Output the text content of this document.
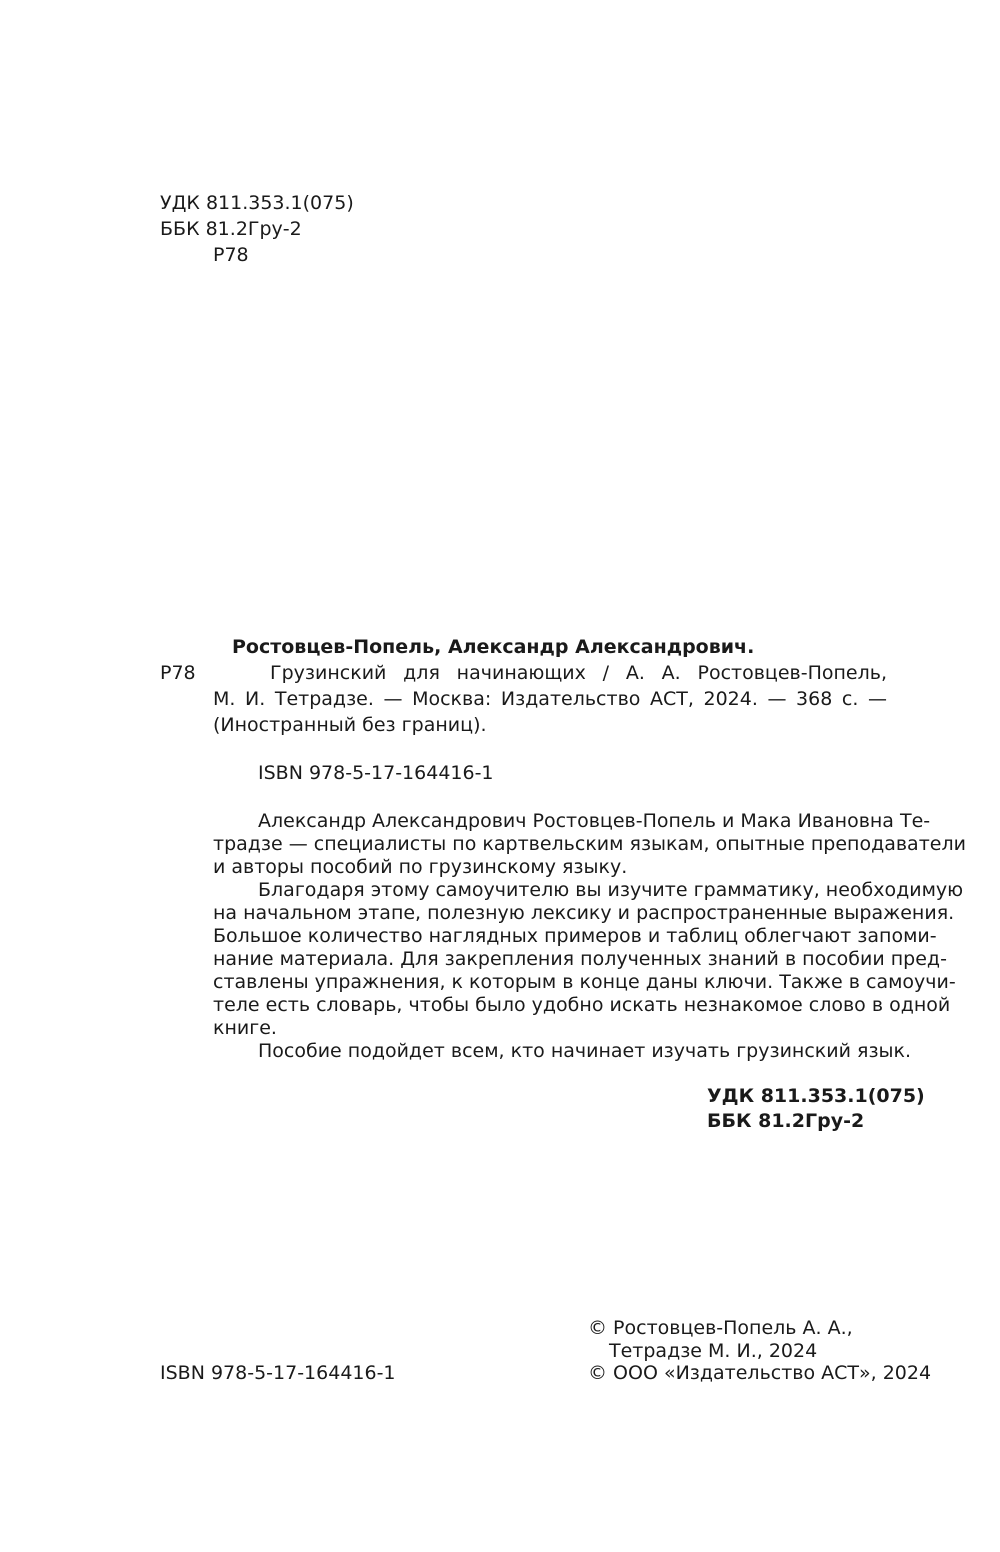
УДК 811.353.1(075)

ББК 81.2Гру-2

Р78

Ростовцев-Попель, Александр Александрович.

Р78	Грузинский для начинающих / А. А. Ростовцев-Попель,
М. И. Тетрадзе. — Москва: Издательство АСТ, 2024. — 368 с. —
(Иностранный без границ).

ISBN 978-5-17-164416-1

Александр Александрович Ростовцев-Попель и Мака Ивановна Те-
традзе — специалисты по картвельским языкам, опытные преподаватели
и авторы пособий по грузинскому языку.
Благодаря этому самоучителю вы изучите грамматику, необходимую
на начальном этапе, полезную лексику и распространенные выражения.
Большое количество наглядных примеров и таблиц облегчают запоми-
нание материала. Для закрепления полученных знаний в пособии пред-
ставлены упражнения, к которым в конце даны ключи. Также в самоучи-
теле есть словарь, чтобы было удобно искать незнакомое слово в одной
книге.
Пособие подойдет всем, кто начинает изучать грузинский язык.

УДК 811.353.1(075)

ББК 81.2Гру-2

© Ростовцев-Попель А. А.,

Тетрадзе М. И., 2024

ISBN 978-5-17-164416-1	© ООО «Издательство АСТ», 2024
